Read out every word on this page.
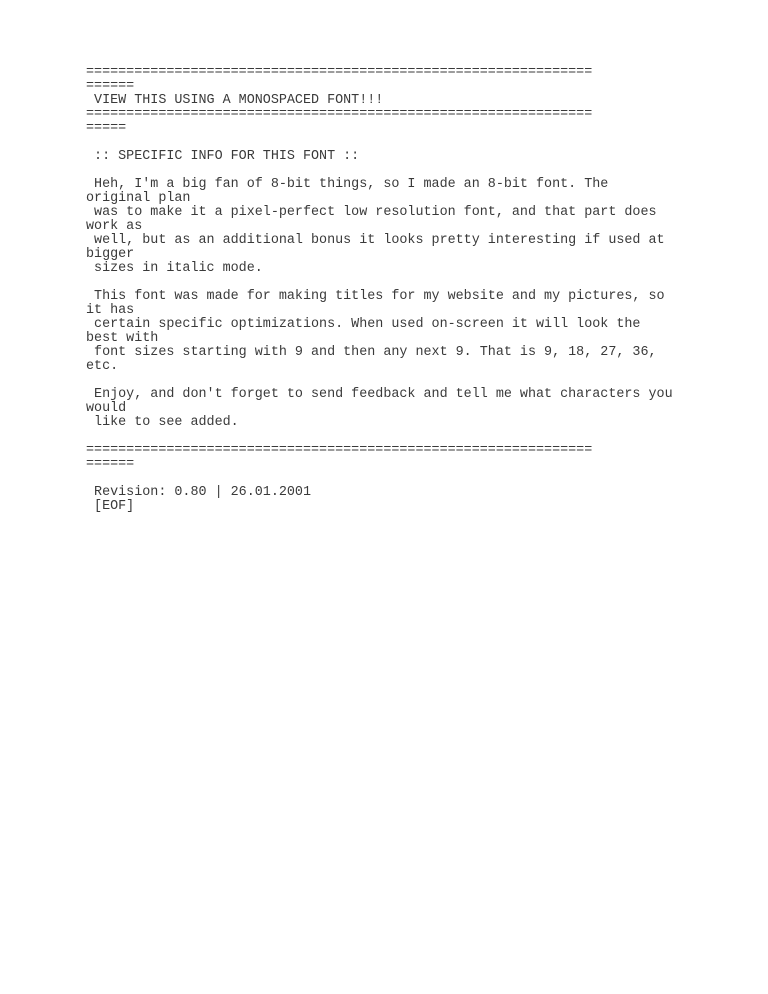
===============================================================
======
VIEW THIS USING A MONOSPACED FONT!!!
===============================================================
=====
:: SPECIFIC INFO FOR THIS FONT ::
Heh, I'm a big fan of 8-bit things, so I made an 8-bit font. The
original plan
was to make it a pixel-perfect low resolution font, and that part does
work as
well, but as an additional bonus it looks pretty interesting if used at
bigger
sizes in italic mode.
This font was made for making titles for my website and my pictures, so
it has
certain specific optimizations. When used on-screen it will look the
best with
font sizes starting with 9 and then any next 9. That is 9, 18, 27, 36,
etc.
Enjoy, and don't forget to send feedback and tell me what characters you
would
like to see added.
===============================================================
======
Revision: 0.80 | 26.01.2001
[EOF]
